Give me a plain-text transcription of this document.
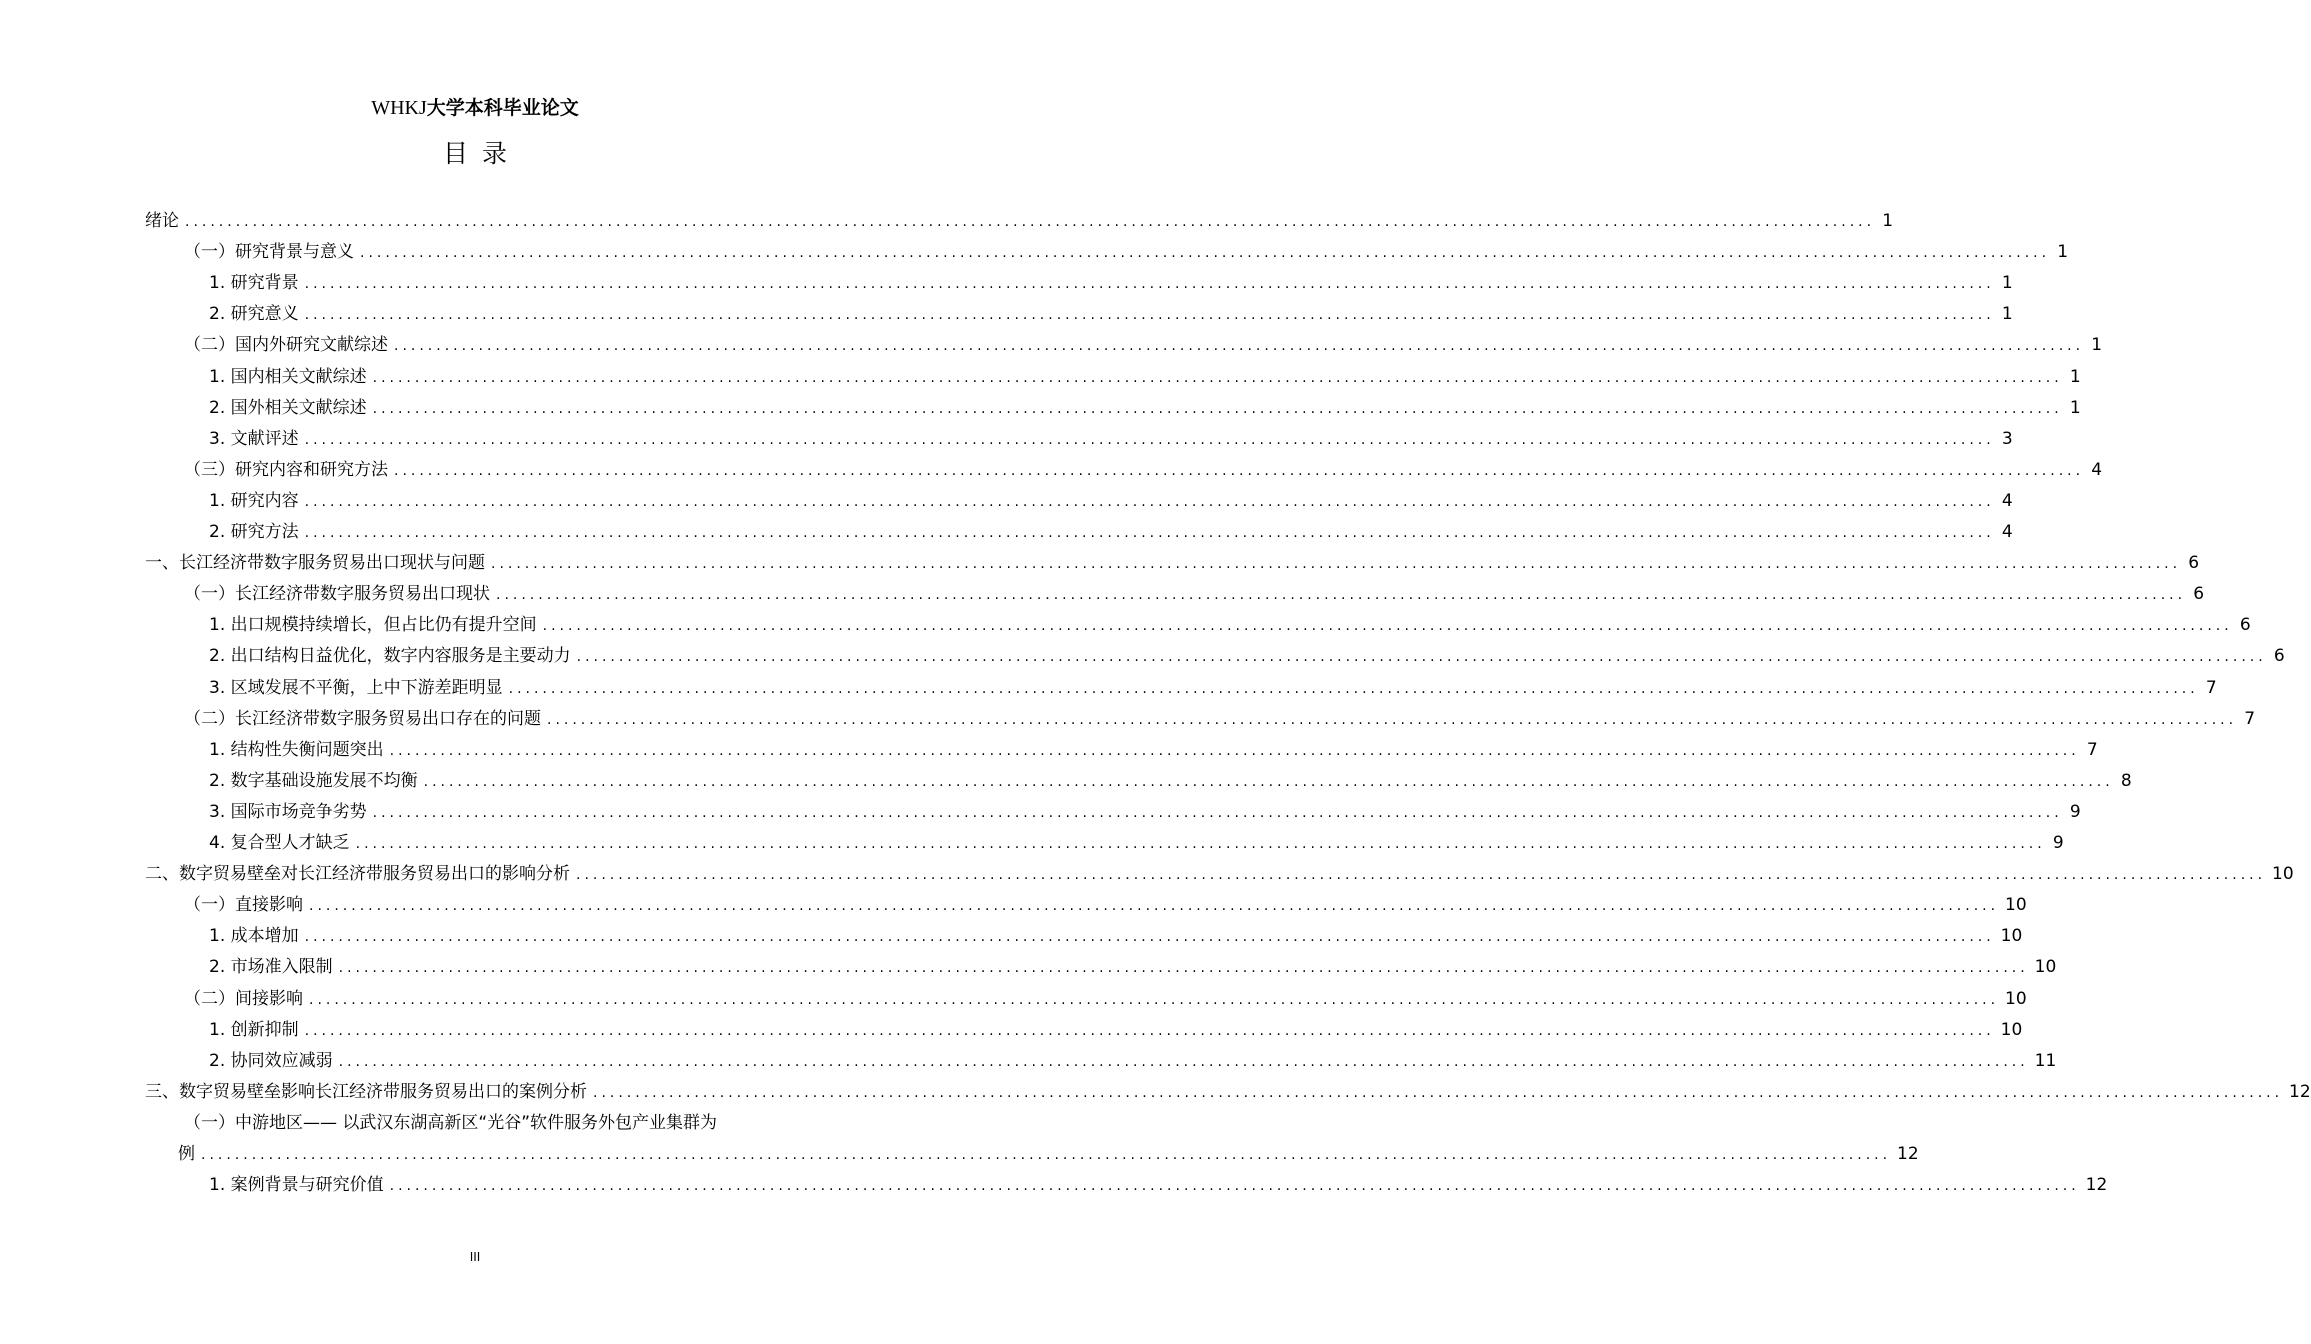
WHKJ大学本科毕业论文
目录
绪论 ........................................................................................................................................................................................................ 1
（一）研究背景与意义 ........................................................................................................................................................................................................ 1
1. 研究背景 ........................................................................................................................................................................................................ 1
2. 研究意义 ........................................................................................................................................................................................................ 1
（二）国内外研究文献综述 ........................................................................................................................................................................................................ 1
1. 国内相关文献综述 ........................................................................................................................................................................................................ 1
2. 国外相关文献综述 ........................................................................................................................................................................................................ 1
3. 文献评述 ........................................................................................................................................................................................................ 3
（三）研究内容和研究方法 ........................................................................................................................................................................................................ 4
1. 研究内容 ........................................................................................................................................................................................................ 4
2. 研究方法 ........................................................................................................................................................................................................ 4
一、长江经济带数字服务贸易出口现状与问题 ........................................................................................................................................................................................................ 6
（一）长江经济带数字服务贸易出口现状 ........................................................................................................................................................................................................ 6
1. 出口规模持续增长，但占比仍有提升空间 ........................................................................................................................................................................................................ 6
2. 出口结构日益优化，数字内容服务是主要动力 ........................................................................................................................................................................................................ 6
3. 区域发展不平衡，上中下游差距明显 ........................................................................................................................................................................................................ 7
（二）长江经济带数字服务贸易出口存在的问题 ........................................................................................................................................................................................................ 7
1. 结构性失衡问题突出 ........................................................................................................................................................................................................ 7
2. 数字基础设施发展不均衡 ........................................................................................................................................................................................................ 8
3. 国际市场竞争劣势 ........................................................................................................................................................................................................ 9
4. 复合型人才缺乏 ........................................................................................................................................................................................................ 9
二、数字贸易壁垒对长江经济带服务贸易出口的影响分析 ........................................................................................................................................................................................................ 10
（一）直接影响 ........................................................................................................................................................................................................ 10
1. 成本增加 ........................................................................................................................................................................................................ 10
2. 市场准入限制 ........................................................................................................................................................................................................ 10
（二）间接影响 ........................................................................................................................................................................................................ 10
1. 创新抑制 ........................................................................................................................................................................................................ 10
2. 协同效应减弱 ........................................................................................................................................................................................................ 11
三、数字贸易壁垒影响长江经济带服务贸易出口的案例分析 ........................................................................................................................................................................................................ 12
（一）中游地区—— 以武汉东湖高新区“光谷”软件服务外包产业集群为
例 ........................................................................................................................................................................................................ 12
1. 案例背景与研究价值 ........................................................................................................................................................................................................ 12
III
